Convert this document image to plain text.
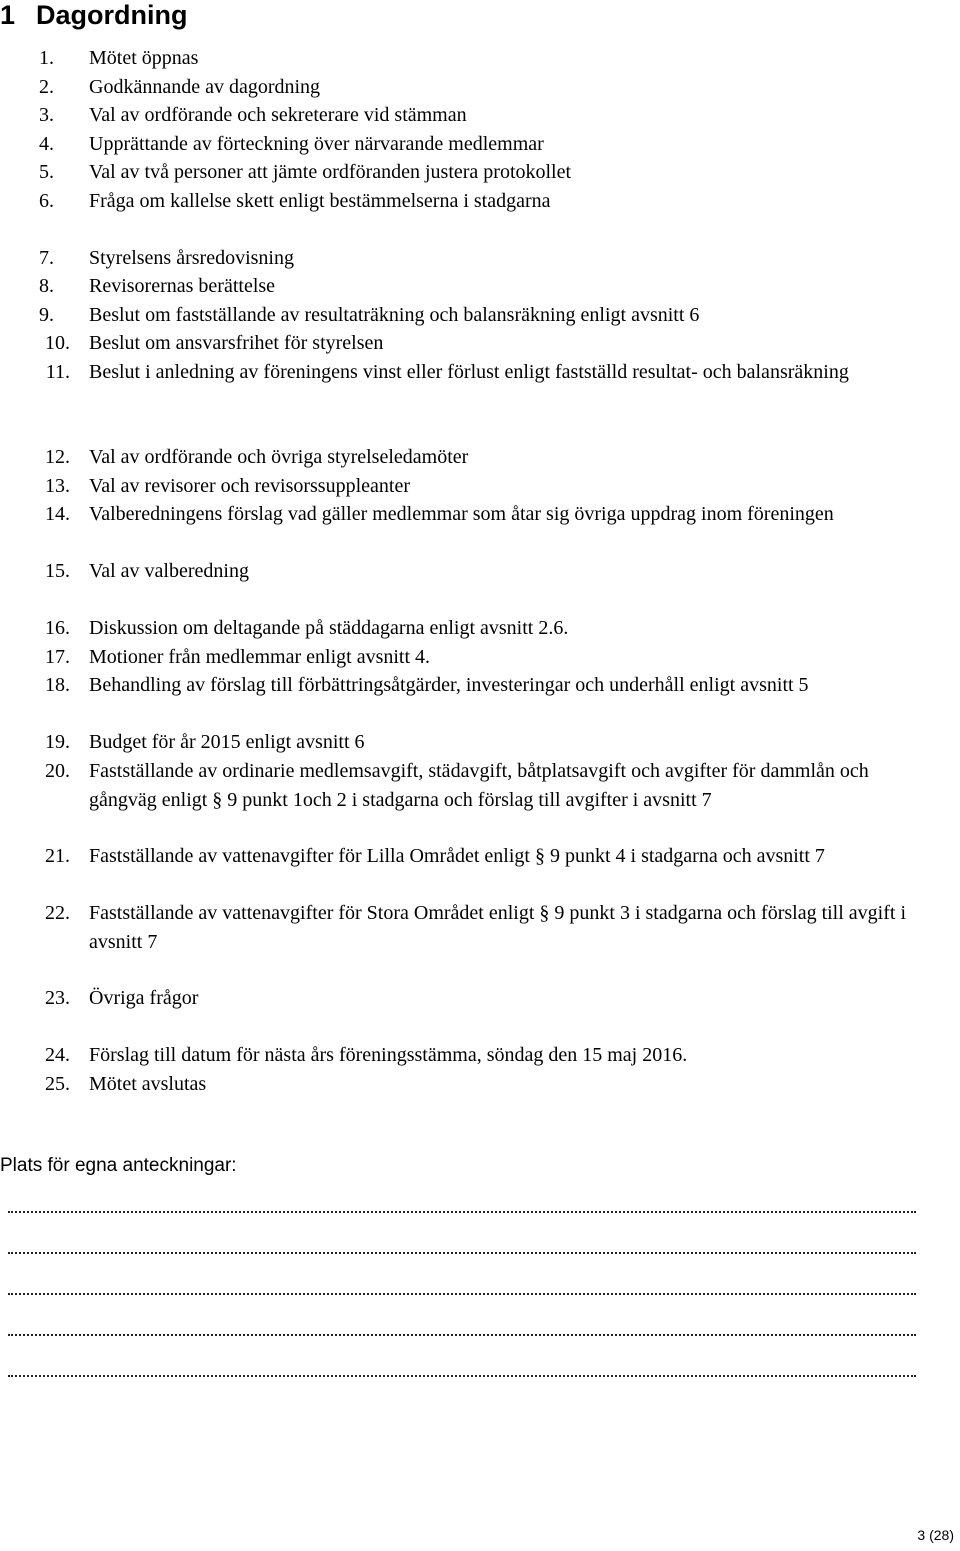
1 Dagordning
1. Mötet öppnas
2. Godkännande av dagordning
3. Val av ordförande och sekreterare vid stämman
4. Upprättande av förteckning över närvarande medlemmar
5. Val av två personer att jämte ordföranden justera protokollet
6. Fråga om kallelse skett enligt bestämmelserna i stadgarna
7. Styrelsens årsredovisning
8. Revisorernas berättelse
9. Beslut om fastställande av resultaträkning och balansräkning enligt avsnitt 6
10. Beslut om ansvarsfrihet för styrelsen
11. Beslut i anledning av föreningens vinst eller förlust enligt fastställd resultat- och balansräkning
12. Val av ordförande och övriga styrelseledamöter
13. Val av revisorer och revisorssuppleanter
14. Valberedningens förslag vad gäller medlemmar som åtar sig övriga uppdrag inom föreningen
15. Val av valberedning
16. Diskussion om deltagande på städdagarna enligt avsnitt 2.6.
17. Motioner från medlemmar enligt avsnitt 4.
18. Behandling av förslag till förbättringsåtgärder, investeringar och underhåll enligt avsnitt 5
19. Budget för år 2015 enligt avsnitt 6
20. Fastställande av ordinarie medlemsavgift, städavgift, båtplatsavgift och avgifter för dammlån och gångväg enligt § 9 punkt 1och 2 i stadgarna och förslag till avgifter i avsnitt 7
21. Fastställande av vattenavgifter för Lilla Området enligt § 9 punkt 4 i stadgarna och avsnitt 7
22. Fastställande av vattenavgifter för Stora Området enligt § 9 punkt 3 i stadgarna och förslag till avgift i avsnitt 7
23. Övriga frågor
24. Förslag till datum för nästa års föreningsstämma, söndag den 15 maj 2016.
25. Mötet avslutas
Plats för egna anteckningar:
3 (28)
